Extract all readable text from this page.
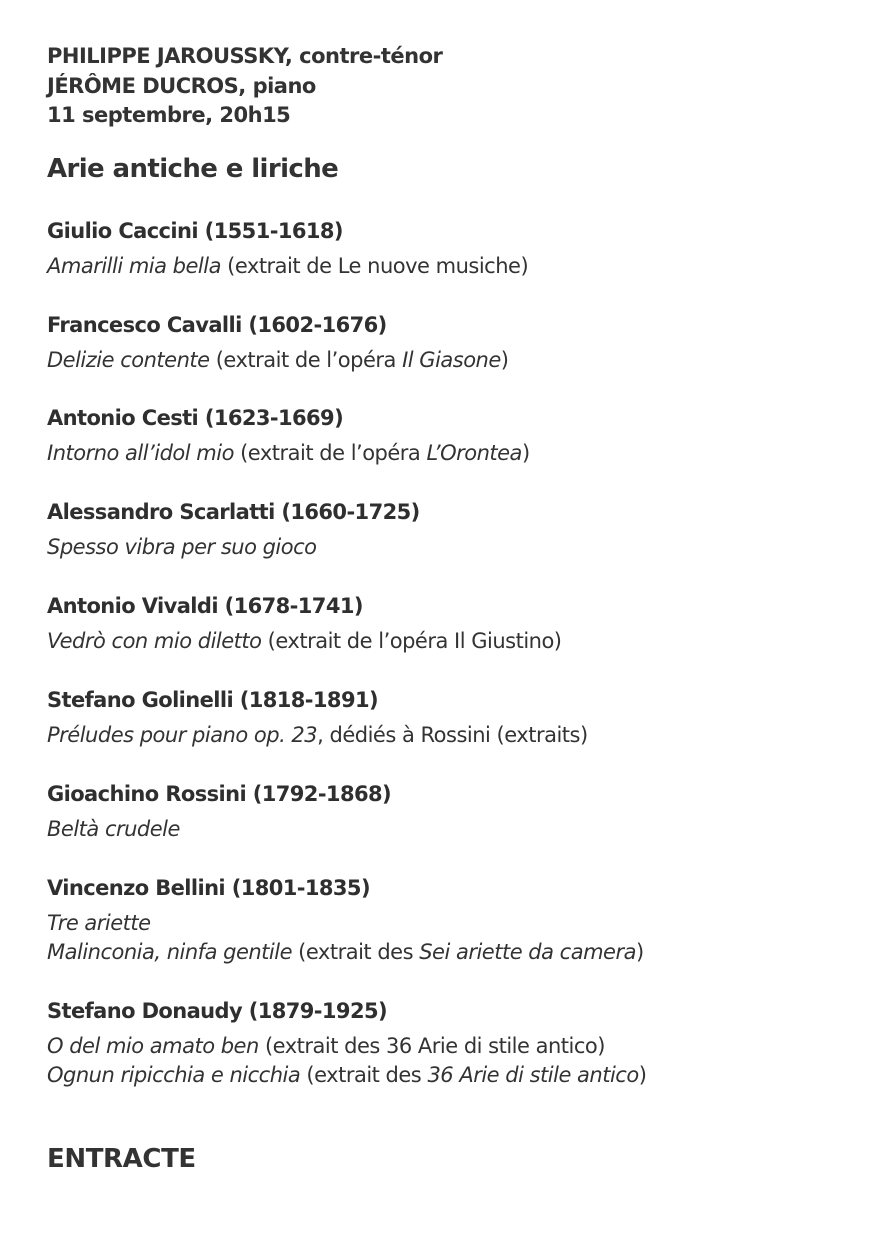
PHILIPPE JAROUSSKY, contre-ténor
JÉRÔME DUCROS, piano
11 septembre, 20h15
Arie antiche e liriche
Giulio Caccini (1551-1618)
Amarilli mia bella (extrait de Le nuove musiche)
Francesco Cavalli (1602-1676)
Delizie contente (extrait de l’opéra Il Giasone)
Antonio Cesti (1623-1669)
Intorno all’idol mio (extrait de l’opéra L’Orontea)
Alessandro Scarlatti (1660-1725)
Spesso vibra per suo gioco
Antonio Vivaldi (1678-1741)
Vedrò con mio diletto (extrait de l’opéra Il Giustino)
Stefano Golinelli (1818-1891)
Préludes pour piano op. 23, dédiés à Rossini (extraits)
Gioachino Rossini (1792-1868)
Beltà crudele
Vincenzo Bellini (1801-1835)
Tre ariette
Malinconia, ninfa gentile (extrait des Sei ariette da camera)
Stefano Donaudy (1879-1925)
O del mio amato ben (extrait des 36 Arie di stile antico)
Ognun ripicchia e nicchia (extrait des 36 Arie di stile antico)
ENTRACTE
